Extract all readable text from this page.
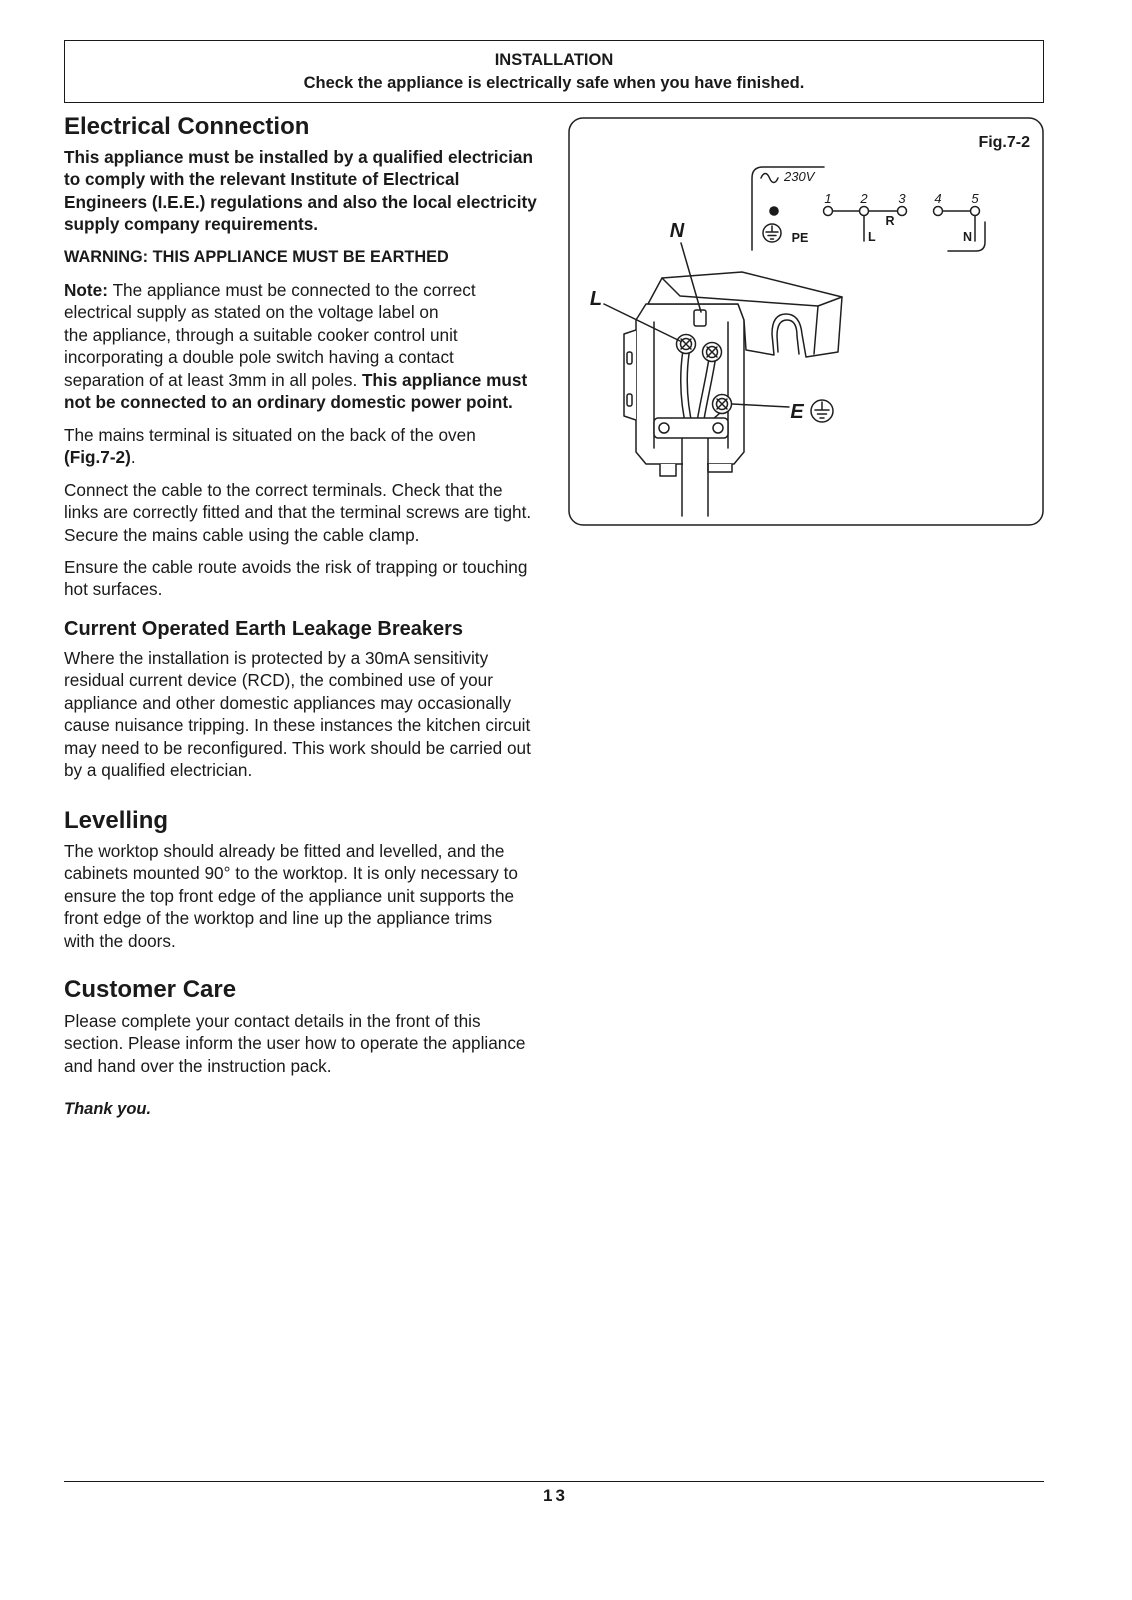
INSTALLATION
Check the appliance is electrically safe when you have finished.
Electrical Connection
This appliance must be installed by a qualified electrician
to comply with the relevant Institute of Electrical
Engineers (I.E.E.) regulations and also the local electricity
supply company requirements.
WARNING: THIS APPLIANCE MUST BE EARTHED
Note: The appliance must be connected to the correct
electrical supply as stated on the voltage label on
the appliance, through a suitable cooker control unit
incorporating a double pole switch having a contact
separation of at least 3mm in all poles. This appliance must
not be connected to an ordinary domestic power point.
The mains terminal is situated on the back of the oven
(Fig.7-2).
Connect the cable to the correct terminals. Check that the
links are correctly fitted and that the terminal screws are tight.
Secure the mains cable using the cable clamp.
Ensure the cable route avoids the risk of trapping or touching
hot surfaces.
Current Operated Earth Leakage Breakers
Where the installation is protected by a 30mA sensitivity
residual current device (RCD), the combined use of your
appliance and other domestic appliances may occasionally
cause nuisance tripping. In these instances the kitchen circuit
may need to be reconfigured. This work should be carried out
by a qualified electrician.
Levelling
The worktop should already be fitted and levelled, and the
cabinets mounted 90° to the worktop. It is only necessary to
ensure the top front edge of the appliance unit supports the
front edge of the worktop and line up the appliance trims
with the doors.
Customer Care
Please complete your contact details in the front of this
section. Please inform the user how to operate the appliance
and hand over the instruction pack.
Thank you.
Fig.7-2
230V
1 2 3 4 5
PE	L
R
N
N
L
E
13
